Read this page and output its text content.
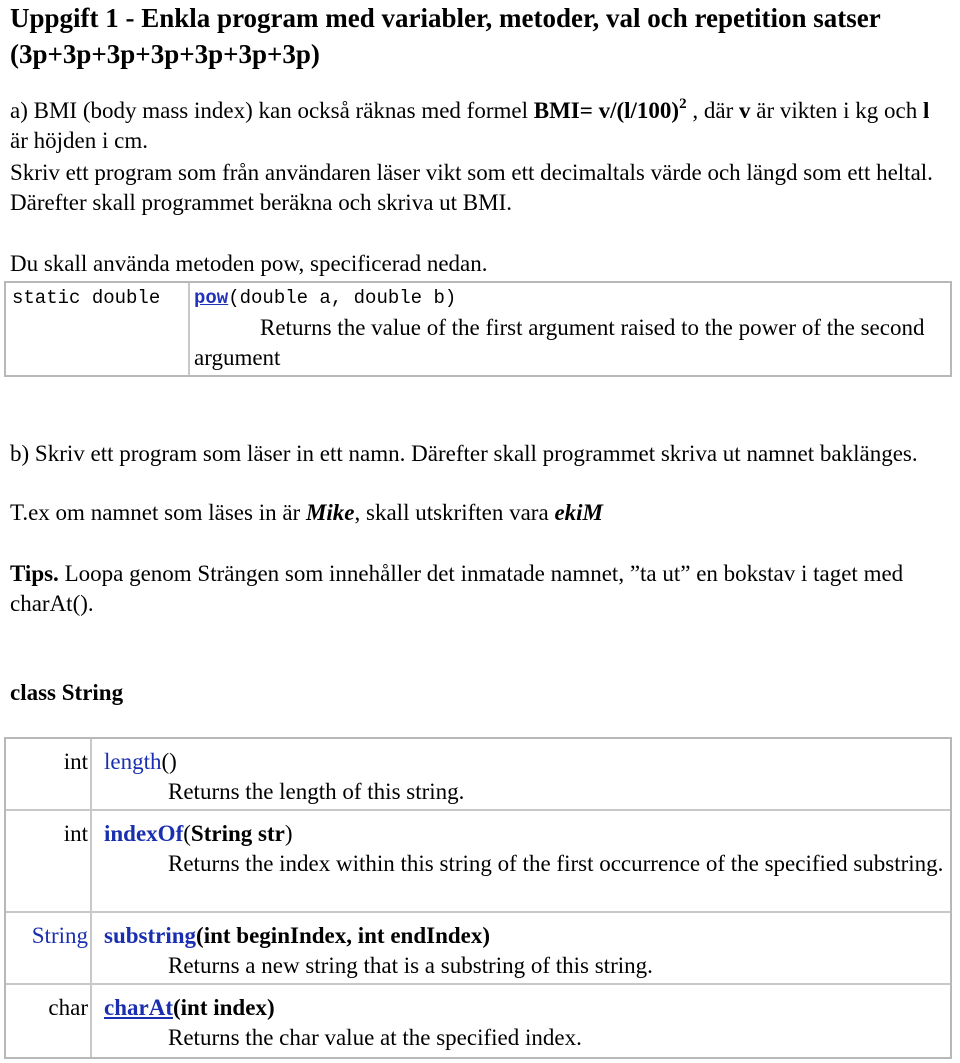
Uppgift 1 - Enkla program med variabler, metoder, val och repetition satser (3p+3p+3p+3p+3p+3p+3p)
a) BMI (body mass index) kan också räknas med formel $BMI= v/(l/100)^2$ , där v är vikten i kg och l är höjden i cm.
Skriv ett program som från användaren läser vikt som ett decimaltals värde och längd som ett heltal. Därefter skall programmet beräkna och skriva ut BMI.
Du skall använda metoden pow, specificerad nedan.
static double pow(double a, double b)
Returns the value of the first argument raised to the power of the second argument
b) Skriv ett program som läser in ett namn. Därefter skall programmet skriva ut namnet baklänges.
T.ex om namnet som läses in är Mike, skall utskriften vara ekiM
Tips. Loopa genom Strängen som innehåller det inmatade namnet, ”ta ut” en bokstav i taget med charAt().
class String
int length()
Returns the length of this string.
int indexOf(String str)
Returns the index within this string of the first occurrence of the specified substring.
String substring(int beginIndex, int endIndex)
Returns a new string that is a substring of this string.
char charAt(int index)
Returns the char value at the specified index.
